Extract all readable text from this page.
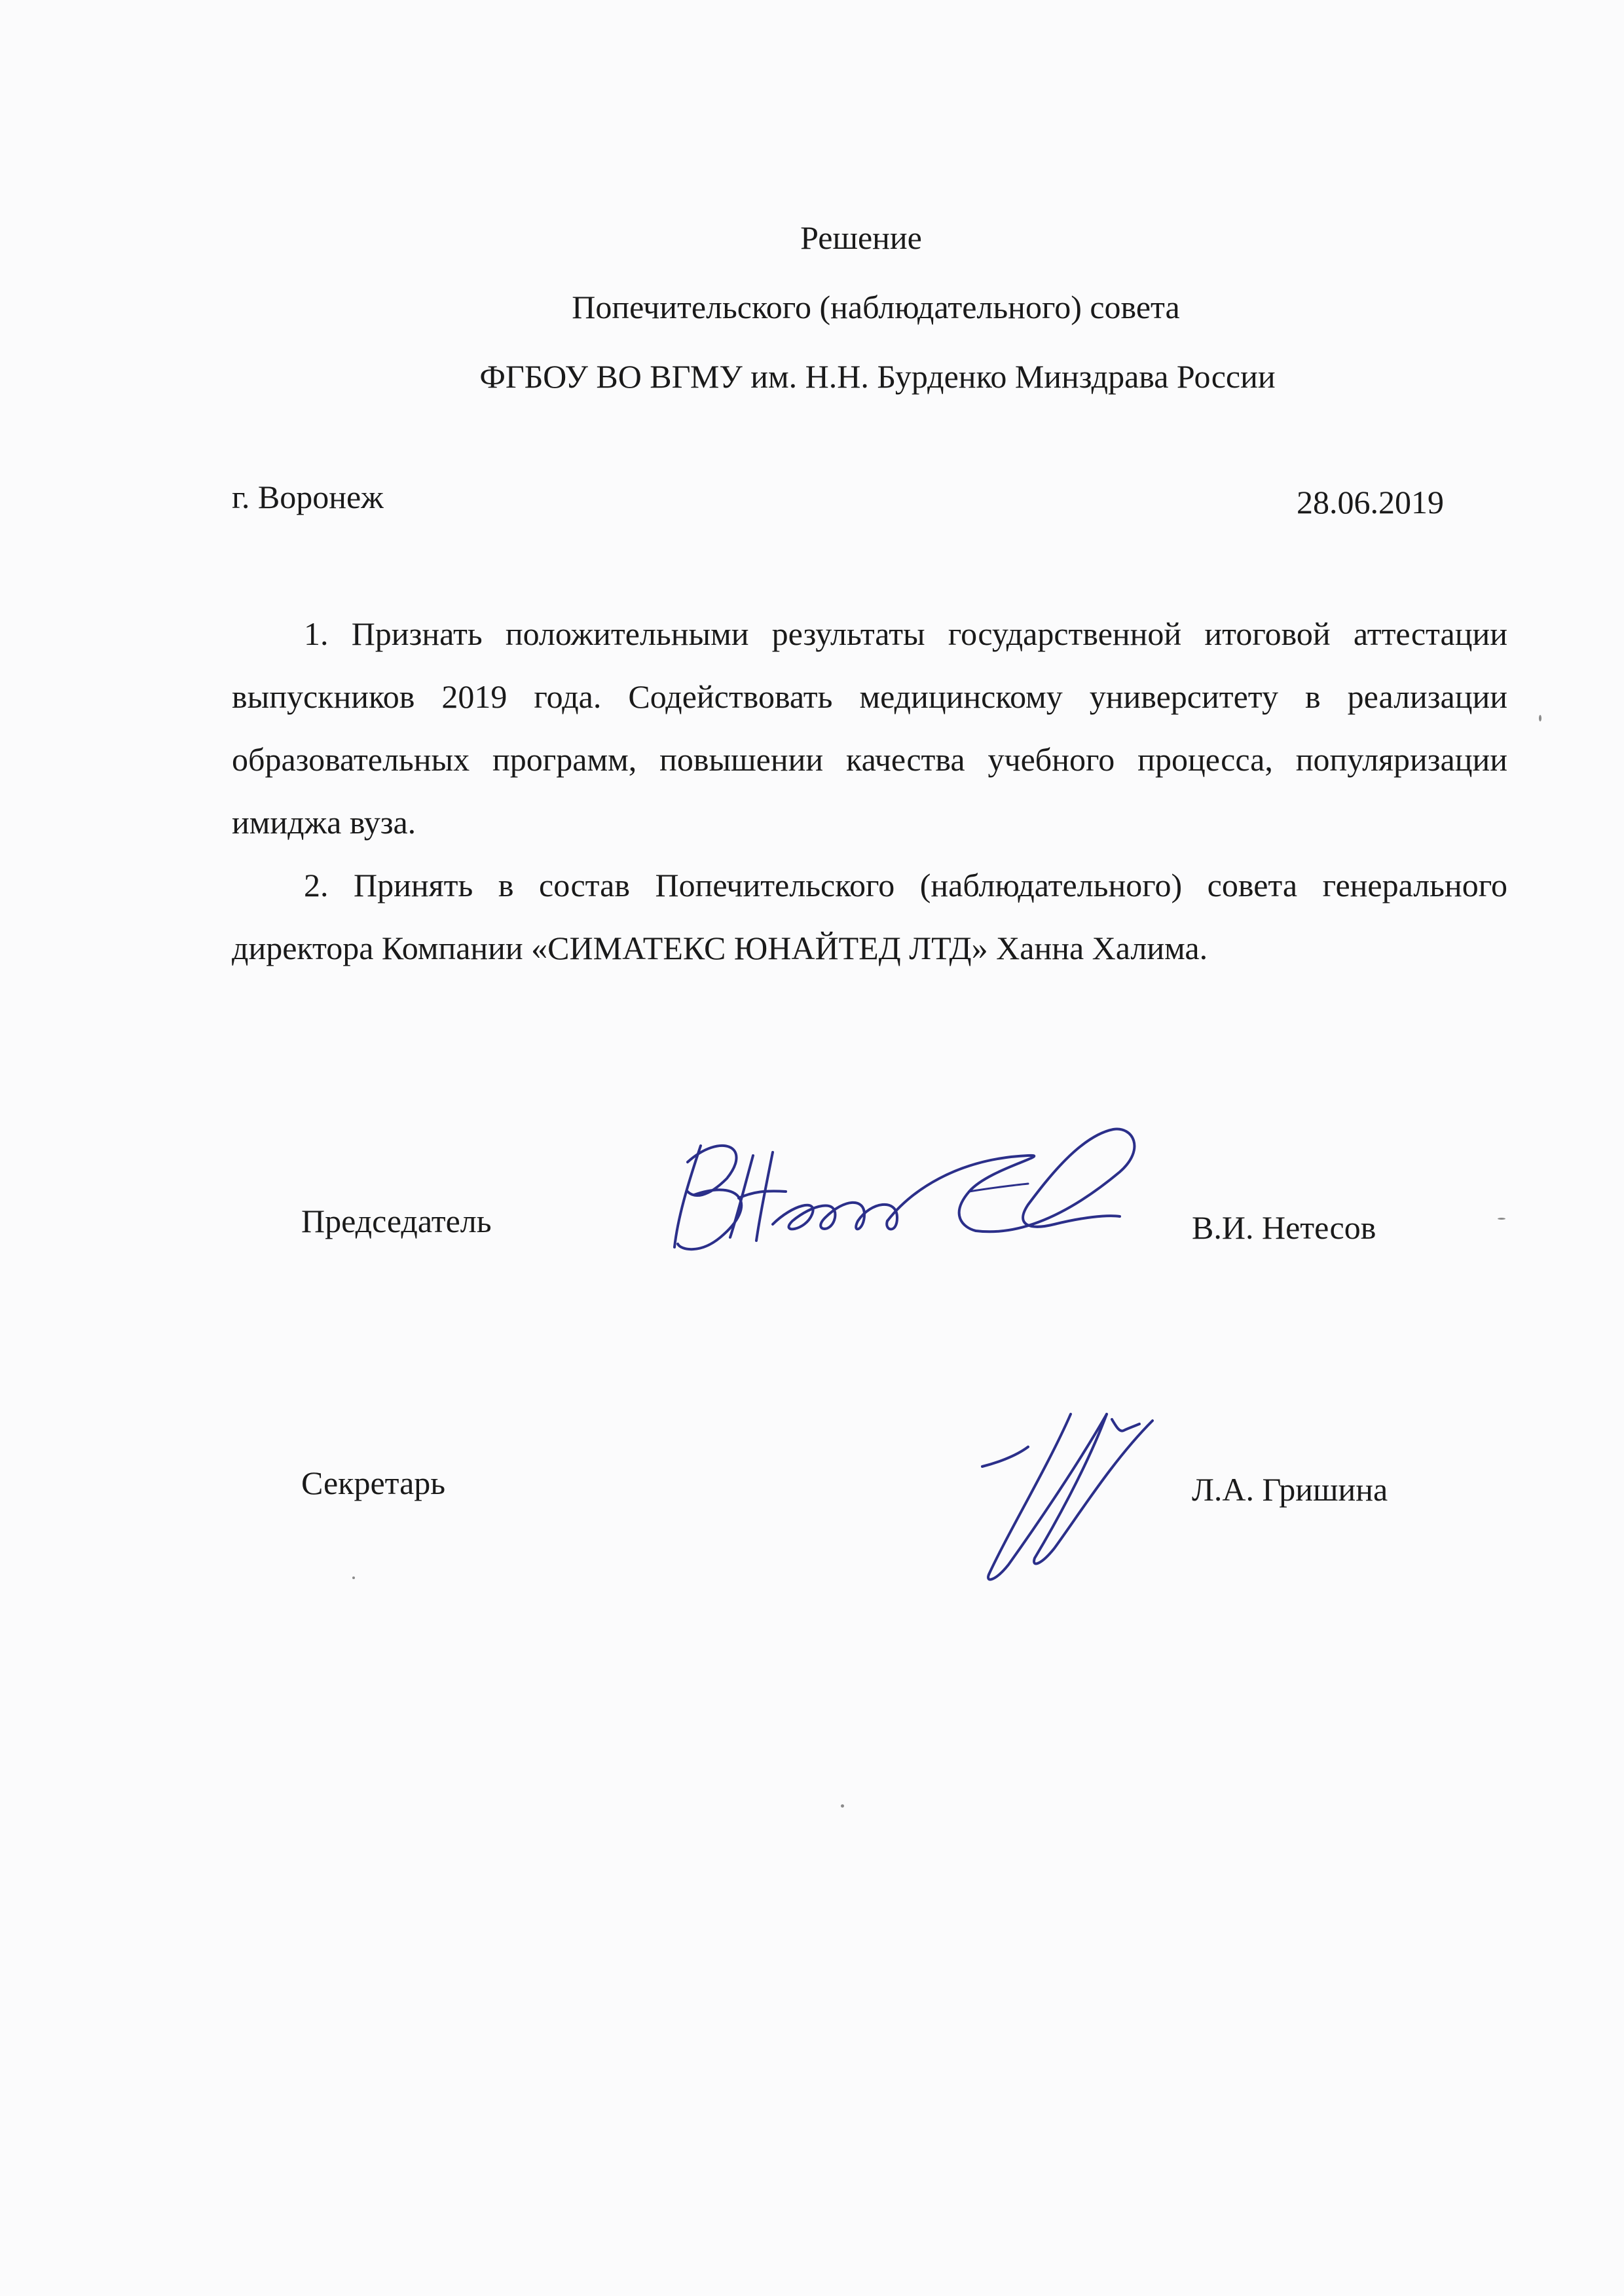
Решение
Попечительского (наблюдательного) совета
ФГБОУ ВО ВГМУ им. Н.Н. Бурденко Минздрава России
г. Воронеж	28.06.2019

1. Признать положительными результаты государственной итоговой аттестации выпускников 2019 года. Содействовать медицинскому университету в реализации образовательных программ, повышении качества учебного процесса, популяризации имиджа вуза.

2. Принять в состав Попечительского (наблюдательного) совета генерального директора Компании «СИМАТЕКС ЮНАЙТЕД ЛТД» Ханна Халима.

Председатель	В.И. Нетесов
Секретарь	Л.А. Гришина
